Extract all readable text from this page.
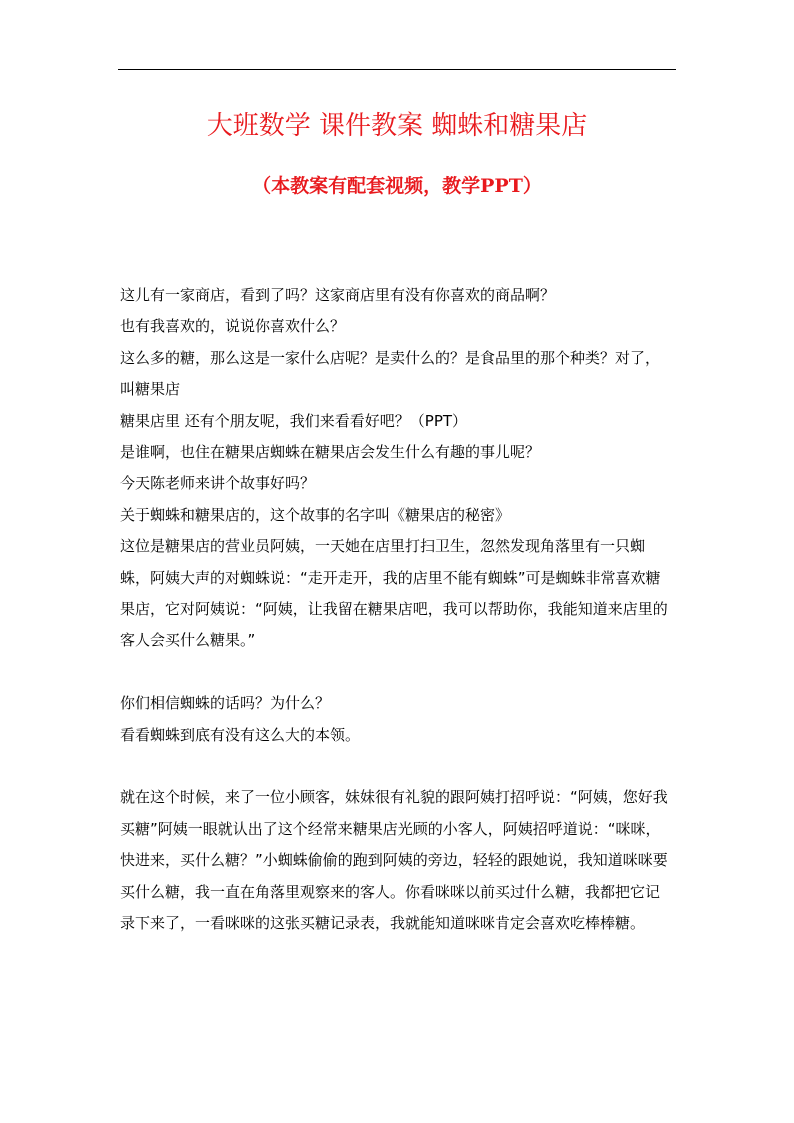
大班数学 课件教案 蜘蛛和糖果店
（本教案有配套视频，教学PPT）

这儿有一家商店，看到了吗？这家商店里有没有你喜欢的商品啊？

也有我喜欢的，说说你喜欢什么？

这么多的糖，那么这是一家什么店呢？是卖什么的？是食品里的那个种类？对了，叫糖果店

糖果店里 还有个朋友呢，我们来看看好吧？（PPT）

是谁啊，也住在糖果店蜘蛛在糖果店会发生什么有趣的事儿呢？

今天陈老师来讲个故事好吗？

关于蜘蛛和糖果店的，这个故事的名字叫《糖果店的秘密》

这位是糖果店的营业员阿姨，一天她在店里打扫卫生，忽然发现角落里有一只蜘蛛，阿姨大声的对蜘蛛说：“走开走开，我的店里不能有蜘蛛”可是蜘蛛非常喜欢糖果店，它对阿姨说：“阿姨，让我留在糖果店吧，我可以帮助你，我能知道来店里的客人会买什么糖果。”

你们相信蜘蛛的话吗？为什么？

看看蜘蛛到底有没有这么大的本领。

就在这个时候，来了一位小顾客，妹妹很有礼貌的跟阿姨打招呼说：“阿姨，您好我买糖”阿姨一眼就认出了这个经常来糖果店光顾的小客人，阿姨招呼道说：“咪咪，快进来，买什么糖？”小蜘蛛偷偷的跑到阿姨的旁边，轻轻的跟她说，我知道咪咪要买什么糖，我一直在角落里观察来的客人。你看咪咪以前买过什么糖，我都把它记录下来了，一看咪咪的这张买糖记录表，我就能知道咪咪肯定会喜欢吃棒棒糖。
